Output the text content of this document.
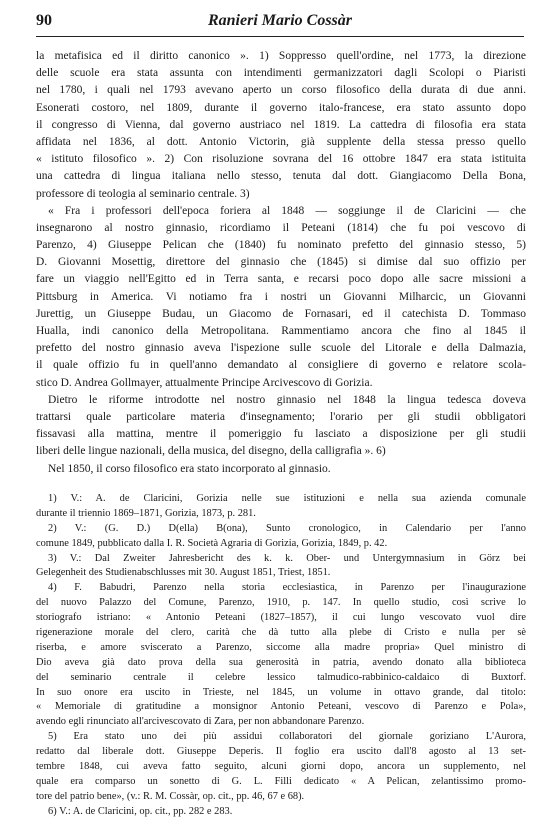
90	Ranieri Mario Cossàr
la metafisica ed il diritto canonico ». 1) Soppresso quell'ordine, nel 1773, la direzione
delle scuole era stata assunta con intendimenti germanizzatori dagli Scolopi o Piaristi
nel 1780, i quali nel 1793 avevano aperto un corso filosofico della durata di due anni.
Esonerati costoro, nel 1809, durante il governo italo-francese, era stato assunto dopo
il congresso di Vienna, dal governo austriaco nel 1819. La cattedra di filosofia era stata
affidata nel 1836, al dott. Antonio Victorin, già supplente della stessa presso quello
« istituto filosofico ». 2) Con risoluzione sovrana del 16 ottobre 1847 era stata istituita
una cattedra di lingua italiana nello stesso, tenuta dal dott. Giangiacomo Della Bona,
professore di teologia al seminario centrale. 3)
« Fra i professori dell'epoca foriera al 1848 — soggiunge il de Claricini — che
insegnarono al nostro ginnasio, ricordiamo il Peteani (1814) che fu poi vescovo di
Parenzo, 4) Giuseppe Pelican che (1840) fu nominato prefetto del ginnasio stesso, 5)
D. Giovanni Mosettig, direttore del ginnasio che (1845) si dimise dal suo offizio per
fare un viaggio nell'Egitto ed in Terra santa, e recarsi poco dopo alle sacre missioni a
Pittsburg in America. Vi notiamo fra i nostri un Giovanni Milharcic, un Giovanni
Jurettig, un Giuseppe Budau, un Giacomo de Fornasari, ed il catechista D. Tommaso
Hualla, indi canonico della Metropolitana. Rammentiamo ancora che fino al 1845 il
prefetto del nostro ginnasio aveva l'ispezione sulle scuole del Litorale e della Dalmazia,
il quale offizio fu in quell'anno demandato al consigliere di governo e relatore scola-
stico D. Andrea Gollmayer, attualmente Principe Arcivescovo di Gorizia.
Dietro le riforme introdotte nel nostro ginnasio nel 1848 la lingua tedesca doveva
trattarsi quale particolare materia d'insegnamento; l'orario per gli studii obbligatori
fissavasi alla mattina, mentre il pomeriggio fu lasciato a disposizione per gli studii
liberi delle lingue nazionali, della musica, del disegno, della calligrafia ». 6)
Nel 1850, il corso filosofico era stato incorporato al ginnasio.
1) V.: A. de Claricini, Gorizia nelle sue istituzioni e nella sua azienda comunale
durante il triennio 1869–1871, Gorizia, 1873, p. 281.
2) V.: (G. D.) D(ella) B(ona), Sunto cronologico, in Calendario per l'anno
comune 1849, pubblicato dalla I. R. Società Agraria di Gorizia, Gorizia, 1849, p. 42.
3) V.: Dal Zweiter Jahresbericht des k. k. Ober- und Untergymnasium in Görz bei
Gelegenheit des Studienabschlusses mit 30. August 1851, Triest, 1851.
4) F. Babudri, Parenzo nella storia ecclesiastica, in Parenzo per l'inaugurazione
del nuovo Palazzo del Comune, Parenzo, 1910, p. 147. In quello studio, così scrive lo
storiografo istriano: « Antonio Peteani (1827–1857), il cui lungo vescovato vuol dire
rigenerazione morale del clero, carità che dà tutto alla plebe di Cristo e nulla per sè
riserba, e amore sviscerato a Parenzo, siccome alla madre propria» Quel ministro di
Dio aveva già dato prova della sua generosità in patria, avendo donato alla biblioteca
del seminario centrale il celebre lessico talmudico-rabbinico-caldaico di Buxtorf.
In suo onore era uscito in Trieste, nel 1845, un volume in ottavo grande, dal titolo:
« Memoriale di gratitudine a monsignor Antonio Peteani, vescovo di Parenzo e Pola»,
avendo egli rinunciato all'arcivescovato di Zara, per non abbandonare Parenzo.
5) Era stato uno dei più assidui collaboratori del giornale goriziano L'Aurora,
redatto dal liberale dott. Giuseppe Deperis. Il foglio era uscito dall'8 agosto al 13 set-
tembre 1848, cui aveva fatto seguito, alcuni giorni dopo, ancora un supplemento, nel
quale era comparso un sonetto di G. L. Filli dedicato « A Pelican, zelantissimo promo-
tore del patrio bene», (v.: R. M. Cossàr, op. cit., pp. 46, 67 e 68).
6) V.: A. de Claricini, op. cit., pp. 282 e 283.
